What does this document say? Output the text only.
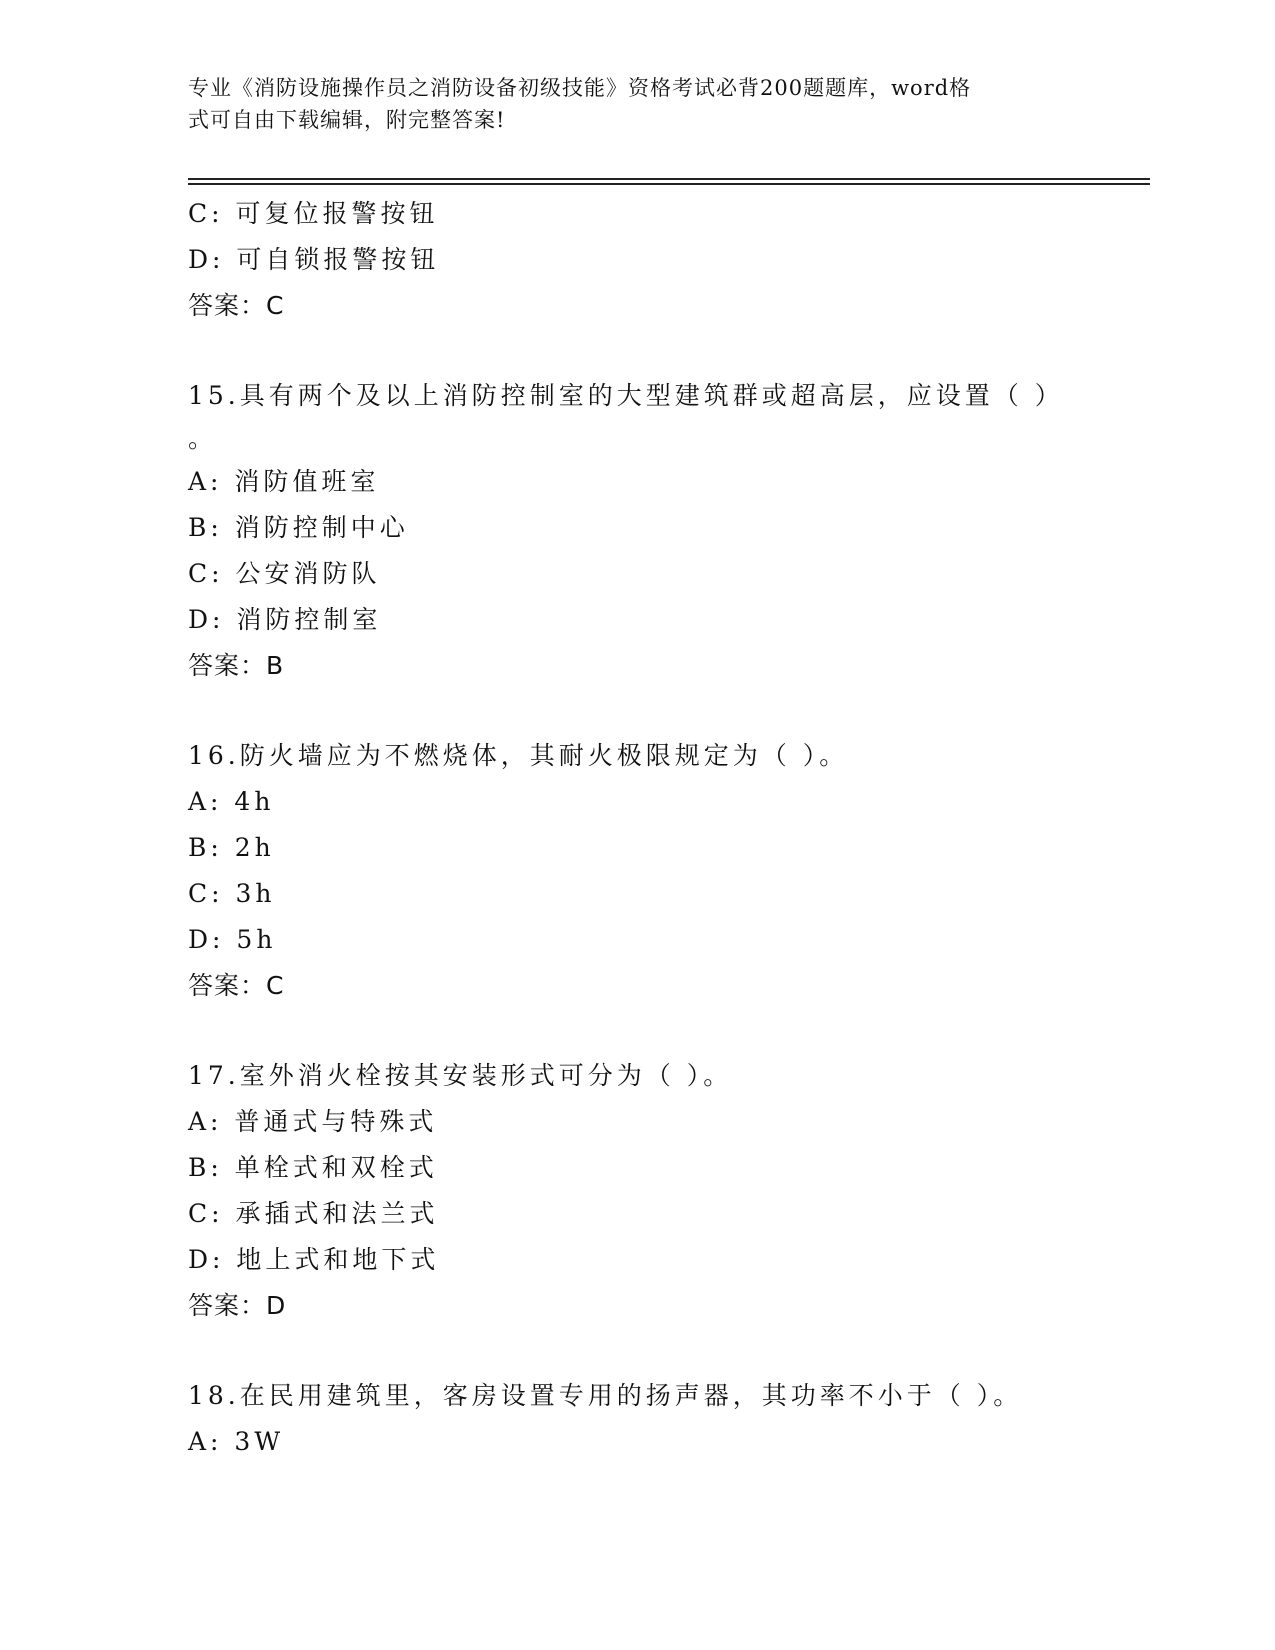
专业《消防设施操作员之消防设备初级技能》资格考试必背200题题库，word格
式可自由下载编辑，附完整答案!
C: 可复位报警按钮
D: 可自锁报警按钮
答案：C
15.具有两个及以上消防控制室的大型建筑群或超高层，应设置（ ）
。
A: 消防值班室
B: 消防控制中心
C: 公安消防队
D: 消防控制室
答案：B
16.防火墙应为不燃烧体，其耐火极限规定为（ ）。
A: 4h
B: 2h
C: 3h
D: 5h
答案：C
17.室外消火栓按其安装形式可分为（ ）。
A: 普通式与特殊式
B: 单栓式和双栓式
C: 承插式和法兰式
D: 地上式和地下式
答案：D
18.在民用建筑里，客房设置专用的扬声器，其功率不小于（ ）。
A: 3W
